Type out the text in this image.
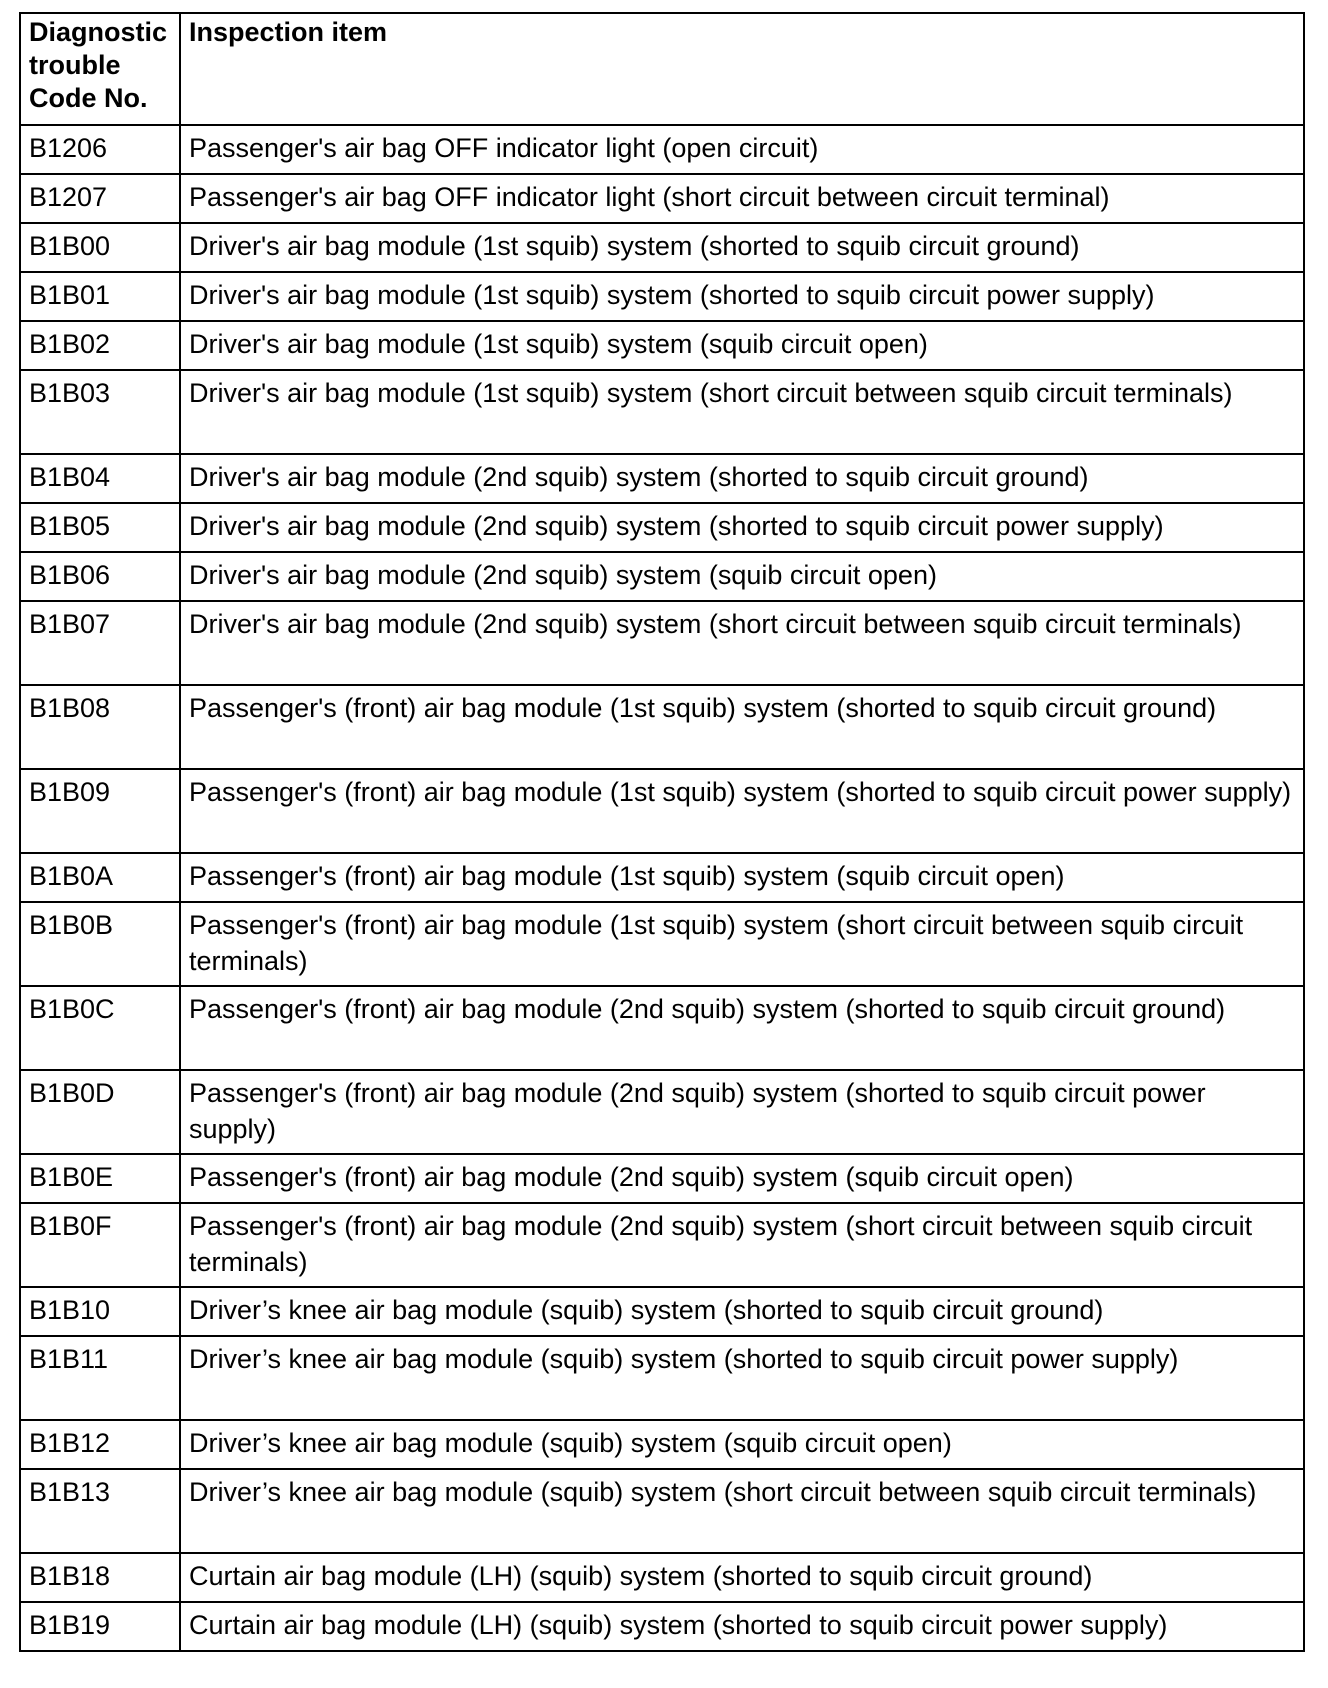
Diagnostic trouble Code No.	Inspection item
B1206	Passenger's air bag OFF indicator light (open circuit)
B1207	Passenger's air bag OFF indicator light (short circuit between circuit terminal)
B1B00	Driver's air bag module (1st squib) system (shorted to squib circuit ground)
B1B01	Driver's air bag module (1st squib) system (shorted to squib circuit power supply)
B1B02	Driver's air bag module (1st squib) system (squib circuit open)
B1B03	Driver's air bag module (1st squib) system (short circuit between squib circuit terminals)
B1B04	Driver's air bag module (2nd squib) system (shorted to squib circuit ground)
B1B05	Driver's air bag module (2nd squib) system (shorted to squib circuit power supply)
B1B06	Driver's air bag module (2nd squib) system (squib circuit open)
B1B07	Driver's air bag module (2nd squib) system (short circuit between squib circuit terminals)
B1B08	Passenger's (front) air bag module (1st squib) system (shorted to squib circuit ground)
B1B09	Passenger's (front) air bag module (1st squib) system (shorted to squib circuit power supply)
B1B0A	Passenger's (front) air bag module (1st squib) system (squib circuit open)
B1B0B	Passenger's (front) air bag module (1st squib) system (short circuit between squib circuit terminals)
B1B0C	Passenger's (front) air bag module (2nd squib) system (shorted to squib circuit ground)
B1B0D	Passenger's (front) air bag module (2nd squib) system (shorted to squib circuit power supply)
B1B0E	Passenger's (front) air bag module (2nd squib) system (squib circuit open)
B1B0F	Passenger's (front) air bag module (2nd squib) system (short circuit between squib circuit terminals)
B1B10	Driver’s knee air bag module (squib) system (shorted to squib circuit ground)
B1B11	Driver’s knee air bag module (squib) system (shorted to squib circuit power supply)
B1B12	Driver’s knee air bag module (squib) system (squib circuit open)
B1B13	Driver’s knee air bag module (squib) system (short circuit between squib circuit terminals)
B1B18	Curtain air bag module (LH) (squib) system (shorted to squib circuit ground)
B1B19	Curtain air bag module (LH) (squib) system (shorted to squib circuit power supply)
